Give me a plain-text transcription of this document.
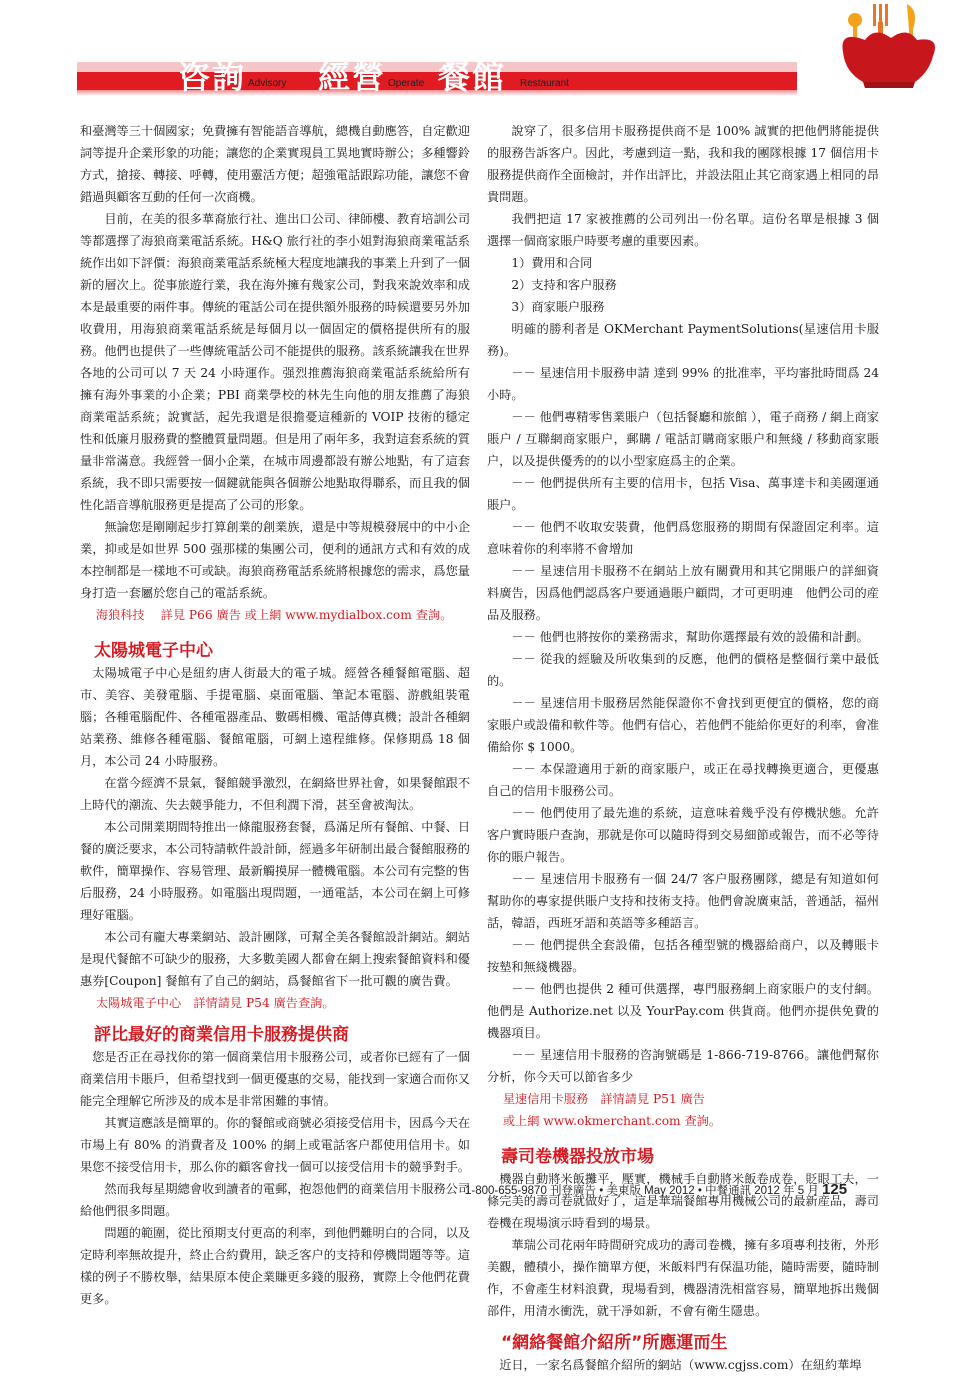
咨詢 Advisory 經營 Operate 餐館 Restaurant

和臺灣等三十個國家；免費擁有智能語音導航，總機自動應答，自定歡迎詞等提升企業形象的功能；讓您的企業實現員工異地實時辦公；多種響鈴方式，搶接、轉接、呼轉，使用靈活方便；超強電話跟踪功能，讓您不會錯過與顧客互動的任何一次商機。

目前，在美的很多華裔旅行社、進出口公司、律師樓、教育培訓公司等都選擇了海狼商業電話系統。H&Q 旅行社的李小姐對海狼商業電話系統作出如下評價：海狼商業電話系統極大程度地讓我的事業上升到了一個新的層次上。從事旅遊行業，我在海外擁有幾家公司，對我來說效率和成本是最重要的兩件事。傳統的電話公司在提供額外服務的時候還要另外加收費用，用海狼商業電話系統是每個月以一個固定的價格提供所有的服務。他們也提供了一些傳統電話公司不能提供的服務。該系統讓我在世界各地的公司可以 7 天 24 小時運作。强烈推薦海狼商業電話系統給所有擁有海外事業的小企業；PBI 商業學校的林先生向他的朋友推薦了海狼商業電話系統；說實話，起先我還是很擔憂這種新的 VOIP 技術的穩定性和低廉月服務費的整體質量問題。但是用了兩年多，我對這套系統的質量非常滿意。我經營一個小企業，在城市周邊都設有辦公地點，有了這套系統，我不即只需要按一個鍵就能與各個辦公地點取得聯系，而且我的個性化語音導航服務更是提高了公司的形象。

無論您是剛剛起步打算創業的創業族，還是中等規模發展中的中小企業，抑或是如世界 500 强那樣的集團公司，便利的通訊方式和有效的成本控制都是一樣地不可或缺。海狼商務電話系統將根據您的需求，爲您量身打造一套屬於您自己的電話系統。

海狼科技　 詳見 P66 廣告 或上網 www.mydialbox.com 查詢。

太陽城電子中心

太陽城電子中心是紐約唐人街最大的電子城。經營各種餐館電腦、超市、美容、美發電腦、手提電腦、桌面電腦、筆記本電腦、游戲組裝電腦；各種電腦配件、各種電器產品、數碼相機、電話傳真機；設計各種網站業務、維修各種電腦、餐館電腦，可網上遠程維修。保修期爲 18 個月，本公司 24 小時服務。

在當今經濟不景氣，餐館競爭激烈，在網絡世界社會，如果餐館跟不上時代的潮流、失去競爭能力，不但利潤下滑，甚至會被淘汰。

本公司開業期間特推出一條龍服務套餐，爲滿足所有餐館、中餐、日餐的廣泛要求，本公司特請軟件設計師，經過多年研制出最合餐館服務的軟件，簡單操作、容易管理、最新觸摸屏一體機電腦。本公司有完整的售后服務，24 小時服務。如電腦出現問題，一通電話，本公司在網上可修理好電腦。

本公司有龐大專業網站、設計團隊，可幫全美各餐館設計網站。網站是現代餐館不可缺少的服務，大多數美國人都會在網上搜索餐館資料和優惠券[Coupon] 餐館有了自己的網站，爲餐館省下一批可觀的廣告費。

太陽城電子中心　詳情請見 P54 廣告查詢。

評比最好的商業信用卡服務提供商

您是否正在尋找你的第一個商業信用卡服務公司，或者你已經有了一個商業信用卡賬戶，但希望找到一個更優惠的交易，能找到一家適合而你又能完全理解它所涉及的成本是非常困難的事情。

其實這應該是簡單的。你的餐館或商號必須接受信用卡，因爲今天在市場上有 80% 的消費者及 100% 的網上或電話客户都使用信用卡。如果您不接受信用卡，那么你的顧客會找一個可以接受信用卡的競爭對手。

然而我每星期總會收到讀者的電郵，抱怨他們的商業信用卡服務公司給他們很多問題。

問題的範圍，從比預期支付更高的利率，到他們難明白的合同，以及定時利率無故提升，終止合約費用，缺乏客户的支持和停機問題等等。這樣的例子不勝枚舉，結果原本使企業賺更多錢的服務，實際上令他們花費更多。

說穿了，很多信用卡服務提供商不是 100% 誠實的把他們將能提供的服務告訴客户。因此，考慮到這一點，我和我的團隊根據 17 個信用卡服務提供商作全面檢討，并作出評比，并設法阻止其它商家遇上相同的昂貴問題。

我們把這 17 家被推薦的公司列出一份名單。這份名單是根據 3 個選擇一個商家賬户時要考慮的重要因素。

1）費用和合同

2）支持和客户服務

3）商家賬户服務

明確的勝利者是 OKMerchant PaymentSolutions(星速信用卡服務)。

－－ 星速信用卡服務申請 達到 99% 的批准率，平均審批時間爲 24 小時。

－－ 他們專精零售業賬户（包括餐廳和旅館 ），電子商務 / 網上商家賬户 / 互聯網商家賬户，郵購 / 電話訂購商家賬户和無綫 / 移動商家賬户，以及提供優秀的的以小型家庭爲主的企業。

－－ 他們提供所有主要的信用卡，包括 Visa、萬事達卡和美國運通賬户。

－－ 他們不收取安裝費，他們爲您服務的期間有保證固定利率。這意味着你的利率將不會增加

－－ 星速信用卡服務不在網站上放有關費用和其它開賬户的詳細資料廣告，因爲他們認爲客户要通過賬户顧問，才可更明連　他們公司的産品及服務。

－－ 他們也將按你的業務需求，幫助你選擇最有效的設備和計劃。

－－ 從我的經驗及所收集到的反應，他們的價格是整個行業中最低的。

－－ 星速信用卡服務居然能保證你不會找到更便宜的價格，您的商家賬户或設備和軟件等。他們有信心，若他們不能給你更好的利率，會准備給你 $ 1000。

－－ 本保證適用于新的商家賬户，或正在尋找轉換更適合，更優惠自己的信用卡服務公司。

－－ 他們使用了最先進的系統，這意味着幾乎没有停機狀態。允許客户實時賬户查詢，那就是你可以隨時得到交易細節或報告，而不必等待你的賬户報告。

－－ 星速信用卡服務有一個 24/7 客户服務團隊，總是有知道如何幫助你的專家提供賬户支持和技術支持。他們會說廣東話，普通話，福州話，韓語，西班牙語和英語等多種語言。

－－ 他們提供全套設備，包括各種型號的機器給商户，以及轉賬卡按墊和無綫機器。

－－ 他們也提供 2 種可供選擇，專門服務網上商家賬户的支付網。他們是 Authorize.net 以及 YourPay.com 供貨商。他們亦提供免費的機器項目。

－－ 星速信用卡服務的咨詢號碼是 1-866-719-8766。讓他們幫你分析，你今天可以節省多少

星速信用卡服務　詳情請見 P51 廣告

或上網 www.okmerchant.com 查詢。

壽司卷機器投放市場

機器自動將米飯攤平，壓實，機械手自動將米飯卷成卷，貶眼工夫，一條完美的壽司卷就做好了，這是華瑞餐館專用機械公司的最新産品，壽司卷機在現場演示時看到的場景。

華瑞公司花兩年時間研究成功的壽司卷機，擁有多項專利技術，外形美觀，體積小，操作簡單方便，米飯料門有保温功能，隨時需要，隨時制作，不會產生材料浪費，現場看到，機器清洗相當容易，簡單地拆出幾個部件，用清水衝洗，就干凈如新，不會有衛生隱患。

“網絡餐館介紹所”所應運而生

近日，一家名爲餐館介紹所的網站（www.cgjss.com）在紐約華埠

1-800-655-9870 刊登廣告 • 美東版 May 2012 • 中餐通訊 2012 年 5 月 125
